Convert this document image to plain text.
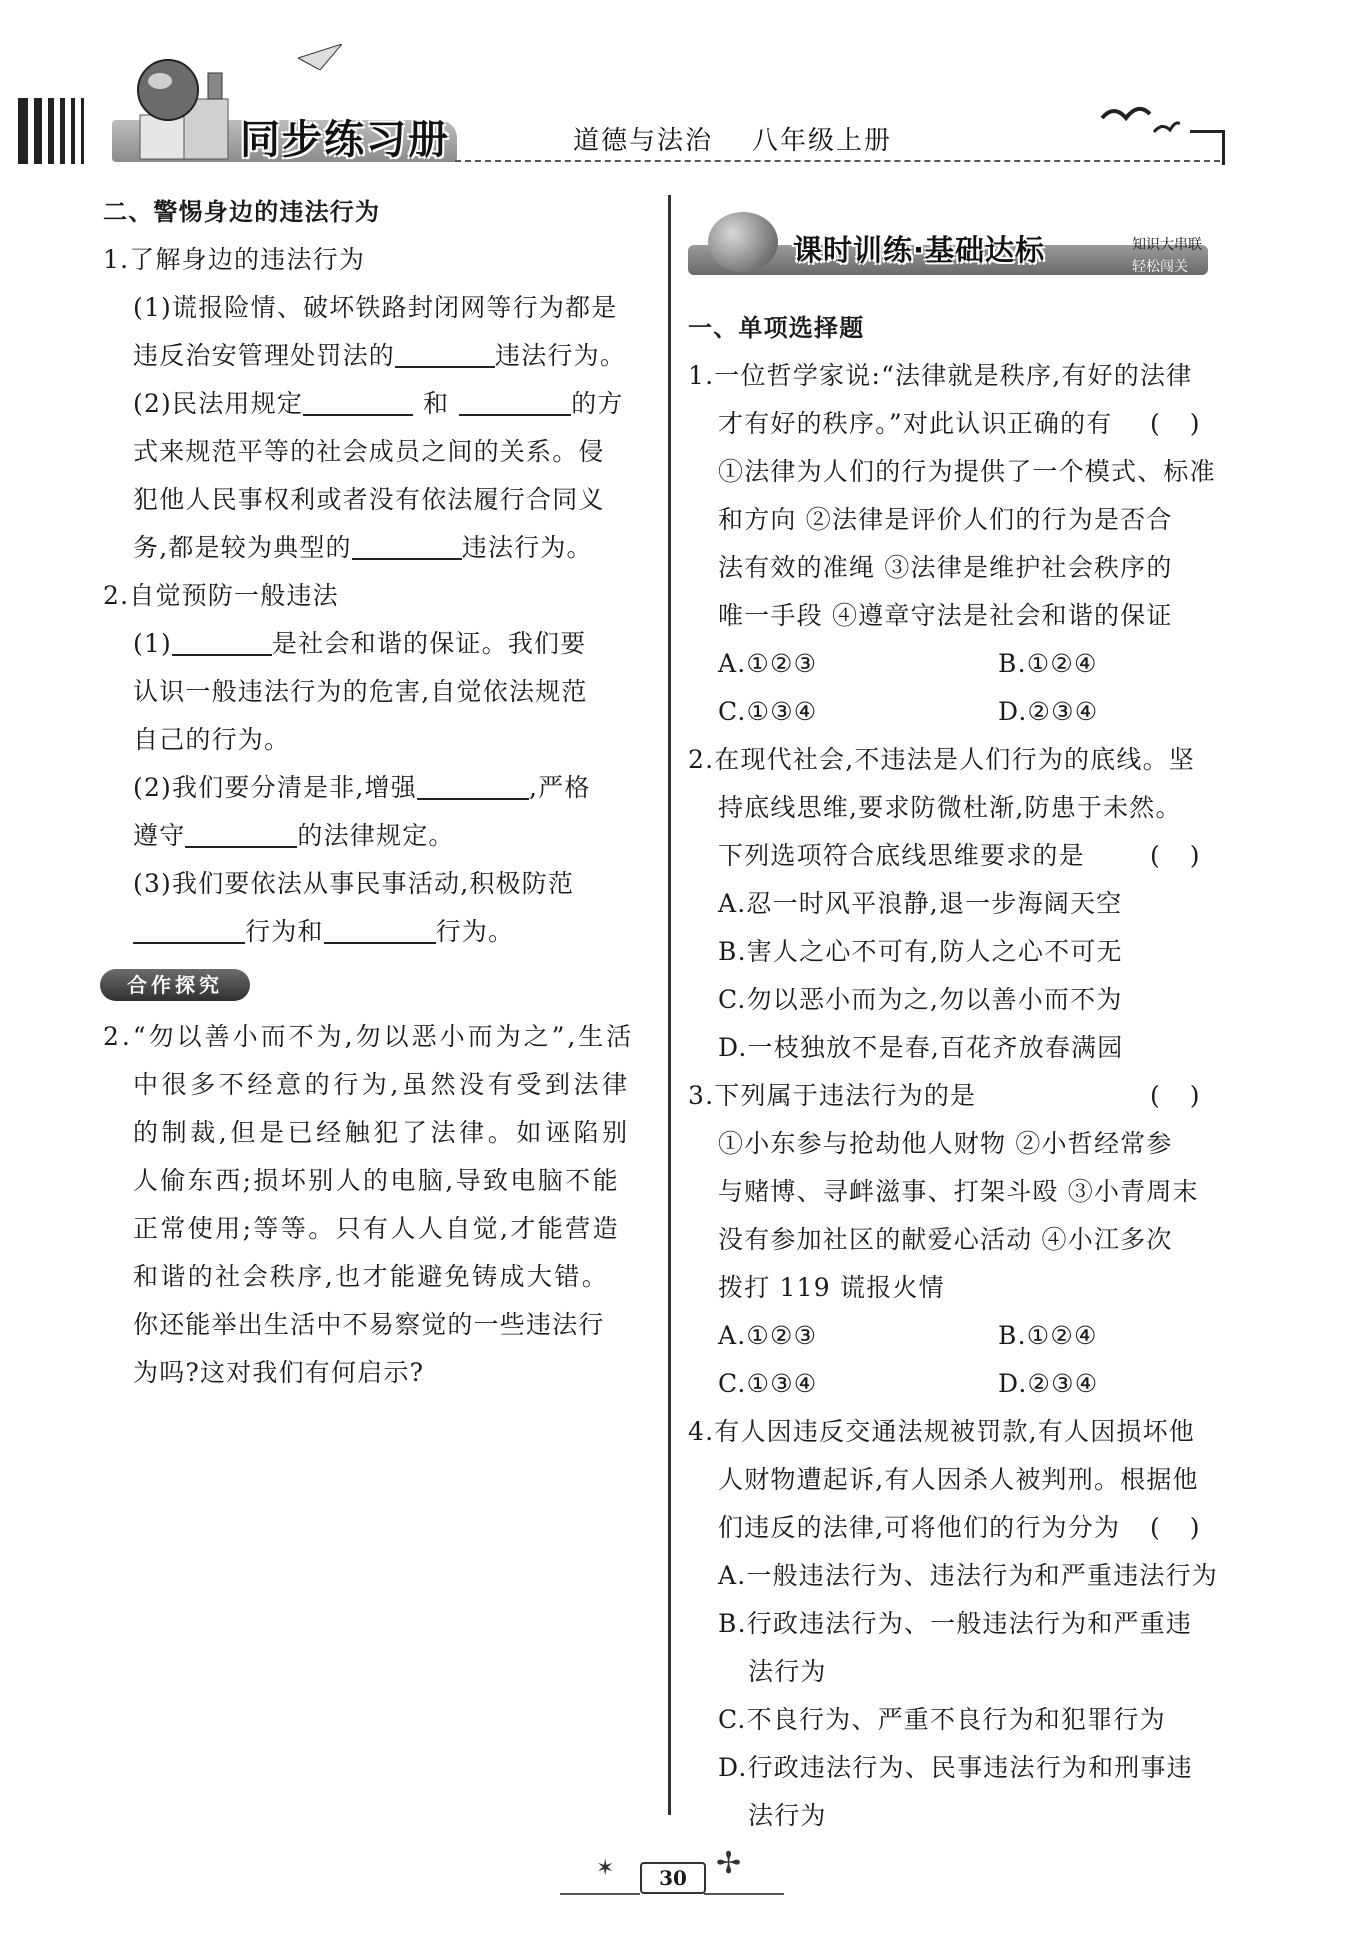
同步练习册	道德与法治 八年级上册
二、警惕身边的违法行为
1.了解身边的违法行为
(1)谎报险情、破坏铁路封闭网等行为都是
违反治安管理处罚法的	违法行为。
(2)民法用规定	和	的方
式来规范平等的社会成员之间的关系。侵
犯他人民事权利或者没有依法履行合同义
务,都是较为典型的	违法行为。
2.自觉预防一般违法
(1)	是社会和谐的保证。我们要
认识一般违法行为的危害,自觉依法规范
自己的行为。
(2)我们要分清是非,增强	,严格
遵守	的法律规定。
(3)我们要依法从事民事活动,积极防范
行为和	行为。
合作探究
2.“勿以善小而不为,勿以恶小而为之”,生活
中很多不经意的行为,虽然没有受到法律
的制裁,但是已经触犯了法律。如诬陷别
人偷东西;损坏别人的电脑,导致电脑不能
正常使用;等等。只有人人自觉,才能营造
和谐的社会秩序,也才能避免铸成大错。
你还能举出生活中不易察觉的一些违法行
为吗?这对我们有何启示?
课时训练·基础达标	知识大串联
轻松闯关
一、单项选择题
1.一位哲学家说:“法律就是秩序,有好的法律
才有好的秩序。”对此认识正确的有 ()
①法律为人们的行为提供了一个模式、标准
和方向 ②法律是评价人们的行为是否合
法有效的准绳 ③法律是维护社会秩序的
唯一手段 ④遵章守法是社会和谐的保证
A.①②③	B.①②④
C.①③④	D.②③④
2.在现代社会,不违法是人们行为的底线。坚
持底线思维,要求防微杜渐,防患于未然。
下列选项符合底线思维要求的是	()
A.忍一时风平浪静,退一步海阔天空
B.害人之心不可有,防人之心不可无
C.勿以恶小而为之,勿以善小而不为
D.一枝独放不是春,百花齐放春满园
3.下列属于违法行为的是	()
①小东参与抢劫他人财物 ②小哲经常参
与赌博、寻衅滋事、打架斗殴 ③小青周末
没有参加社区的献爱心活动 ④小江多次
拨打 119 谎报火情
A.①②③	B.①②④
C.①③④	D.②③④
4.有人因违反交通法规被罚款,有人因损坏他
人财物遭起诉,有人因杀人被判刑。根据他
们违反的法律,可将他们的行为分为 ()
A.一般违法行为、违法行为和严重违法行为
B.行政违法行为、一般违法行为和严重违
法行为
C.不良行为、严重不良行为和犯罪行为
D.行政违法行为、民事违法行为和刑事违
法行为
✶	✢
30
